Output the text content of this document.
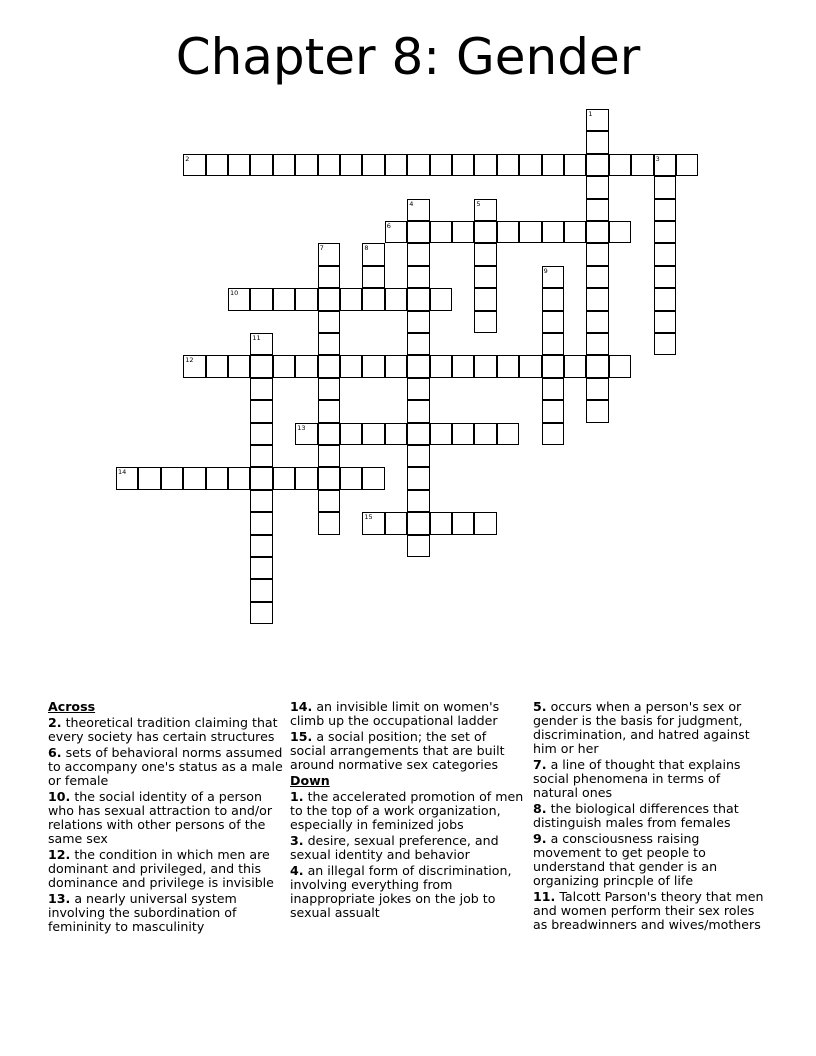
Chapter 8: Gender
1
2	3
4	5
6
7	8
9
10
11
12
13
14
15
Across
2. theoretical tradition claiming that every society has certain structures
6. sets of behavioral norms assumed to accompany one's status as a male or female
10. the social identity of a person who has sexual attraction to and/or relations with other persons of the same sex
12. the condition in which men are dominant and privileged, and this dominance and privilege is invisible
13. a nearly universal system involving the subordination of femininity to masculinity
14. an invisible limit on women's climb up the occupational ladder
15. a social position; the set of social arrangements that are built around normative sex categories
Down
1. the accelerated promotion of men to the top of a work organization, especially in feminized jobs
3. desire, sexual preference, and sexual identity and behavior
4. an illegal form of discrimination, involving everything from inappropriate jokes on the job to sexual assualt
5. occurs when a person's sex or gender is the basis for judgment, discrimination, and hatred against him or her
7. a line of thought that explains social phenomena in terms of natural ones
8. the biological differences that distinguish males from females
9. a consciousness raising movement to get people to understand that gender is an organizing princple of life
11. Talcott Parson's theory that men and women perform their sex roles as breadwinners and wives/mothers
